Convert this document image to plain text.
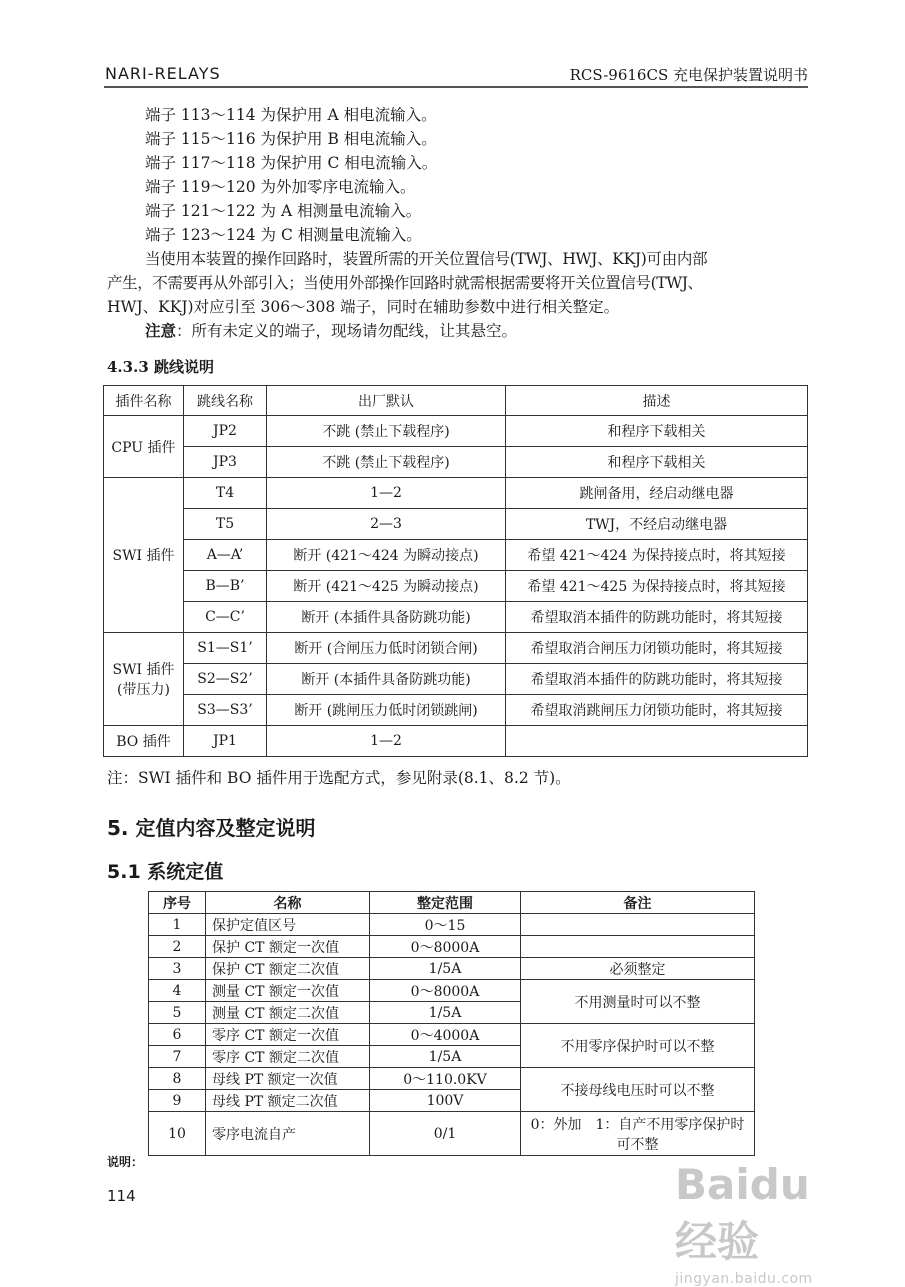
NARI-RELAYS	RCS-9616CS 充电保护装置说明书
端子 113～114 为保护用 A 相电流输入。
端子 115～116 为保护用 B 相电流输入。
端子 117～118 为保护用 C 相电流输入。
端子 119～120 为外加零序电流输入。
端子 121～122 为 A 相测量电流输入。
端子 123～124 为 C 相测量电流输入。
当使用本装置的操作回路时，装置所需的开关位置信号(TWJ、HWJ、KKJ)可由内部
产生，不需要再从外部引入；当使用外部操作回路时就需根据需要将开关位置信号(TWJ、
HWJ、KKJ)对应引至 306～308 端子，同时在辅助参数中进行相关整定。
注意：所有未定义的端子，现场请勿配线，让其悬空。
4.3.3 跳线说明
插件名称	跳线名称	出厂默认	描述
CPU 插件	JP2	不跳 (禁止下载程序)	和程序下载相关
	JP3	不跳 (禁止下载程序)	和程序下载相关
SWI 插件	T4	1—2	跳闸备用，经启动继电器
	T5	2—3	TWJ，不经启动继电器
	A—A’	断开 (421～424 为瞬动接点)	希望 421～424 为保持接点时，将其短接
	B—B’	断开 (421～425 为瞬动接点)	希望 421～425 为保持接点时，将其短接
	C—C’	断开 (本插件具备防跳功能)	希望取消本插件的防跳功能时，将其短接
SWI 插件
(带压力)	S1—S1’	断开 (合闸压力低时闭锁合闸)	希望取消合闸压力闭锁功能时，将其短接
	S2—S2’	断开 (本插件具备防跳功能)	希望取消本插件的防跳功能时，将其短接
	S3—S3’	断开 (跳闸压力低时闭锁跳闸)	希望取消跳闸压力闭锁功能时，将其短接
BO 插件	JP1	1—2	
注：SWI 插件和 BO 插件用于选配方式，参见附录(8.1、8.2 节)。
5. 定值内容及整定说明
5.1 系统定值
序号	名称	整定范围	备注
1	保护定值区号	0～15	
2	保护 CT 额定一次值	0～8000A	
3	保护 CT 额定二次值	1/5A	必须整定
4	测量 CT 额定一次值	0～8000A	不用测量时可以不整
5	测量 CT 额定二次值	1/5A	
6	零序 CT 额定一次值	0～4000A	不用零序保护时可以不整
7	零序 CT 额定二次值	1/5A	
8	母线 PT 额定一次值	0～110.0KV	不接母线电压时可以不整
9	母线 PT 额定二次值	100V	
10	零序电流自产	0/1	0：外加　1：自产不用零序保护时可不整
说明：
114	Baidu 经验
jingyan.baidu.com
